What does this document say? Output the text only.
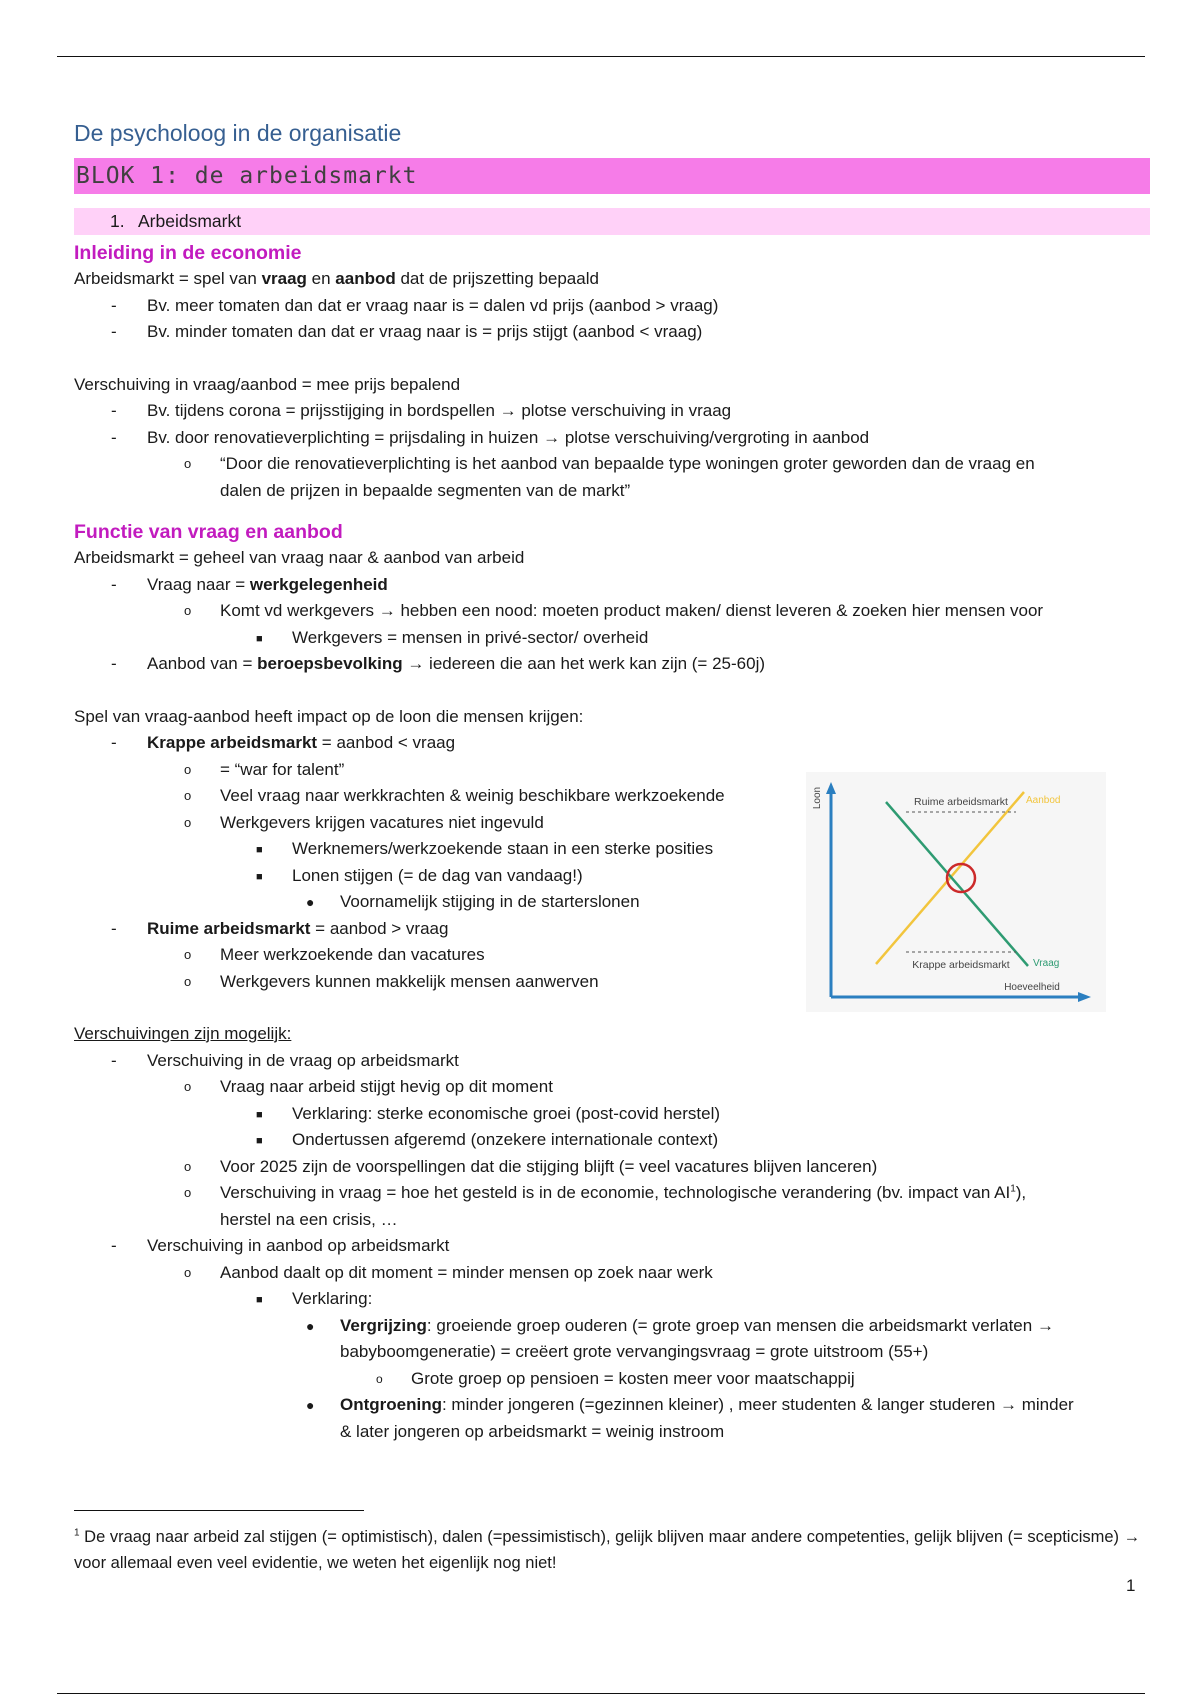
De psycholoog in de organisatie
BLOK 1: de arbeidsmarkt
1. Arbeidsmarkt
Inleiding in de economie
Arbeidsmarkt = spel van vraag en aanbod dat de prijszetting bepaald
- Bv. meer tomaten dan dat er vraag naar is = dalen vd prijs (aanbod > vraag)
- Bv. minder tomaten dan dat er vraag naar is = prijs stijgt (aanbod < vraag)
Verschuiving in vraag/aanbod = mee prijs bepalend
- Bv. tijdens corona = prijsstijging in bordspellen → plotse verschuiving in vraag
- Bv. door renovatieverplichting = prijsdaling in huizen → plotse verschuiving/vergroting in aanbod
o “Door die renovatieverplichting is het aanbod van bepaalde type woningen groter geworden dan de vraag en
dalen de prijzen in bepaalde segmenten van de markt”
Functie van vraag en aanbod
Arbeidsmarkt = geheel van vraag naar & aanbod van arbeid
- Vraag naar = werkgelegenheid
o Komt vd werkgevers → hebben een nood: moeten product maken/ dienst leveren & zoeken hier mensen voor
■ Werkgevers = mensen in privé-sector/ overheid
- Aanbod van = beroepsbevolking → iedereen die aan het werk kan zijn (= 25-60j)
Spel van vraag-aanbod heeft impact op de loon die mensen krijgen:
- Krappe arbeidsmarkt = aanbod < vraag
o = “war for talent”
o Veel vraag naar werkkrachten & weinig beschikbare werkzoekende
o Werkgevers krijgen vacatures niet ingevuld
■ Werknemers/werkzoekende staan in een sterke posities
■ Lonen stijgen (= de dag van vandaag!)
● Voornamelijk stijging in de starterslonen
- Ruime arbeidsmarkt = aanbod > vraag
o Meer werkzoekende dan vacatures
o Werkgevers kunnen makkelijk mensen aanwerven
Verschuivingen zijn mogelijk:
- Verschuiving in de vraag op arbeidsmarkt
o Vraag naar arbeid stijgt hevig op dit moment
■ Verklaring: sterke economische groei (post-covid herstel)
■ Ondertussen afgeremd (onzekere internationale context)
o Voor 2025 zijn de voorspellingen dat die stijging blijft (= veel vacatures blijven lanceren)
o Verschuiving in vraag = hoe het gesteld is in de economie, technologische verandering (bv. impact van $AI^1$),
herstel na een crisis, …
- Verschuiving in aanbod op arbeidsmarkt
o Aanbod daalt op dit moment = minder mensen op zoek naar werk
■ Verklaring:
● Vergrijzing: groeiende groep ouderen (= grote groep van mensen die arbeidsmarkt verlaten →
babyboomgeneratie) = creëert grote vervangingsvraag = grote uitstroom (55+)
o Grote groep op pensioen = kosten meer voor maatschappij
● Ontgroening: minder jongeren (=gezinnen kleiner) , meer studenten & langer studeren → minder
& later jongeren op arbeidsmarkt = weinig instroom
Ruime arbeidsmarkt
Krappe arbeidsmarkt
Aanbod
Vraag
Hoeveelheid
Loon
$^1$ De vraag naar arbeid zal stijgen (= optimistisch), dalen (=pessimistisch), gelijk blijven maar andere competenties, gelijk blijven (= scepticisme) → voor allemaal even veel evidentie, we weten het eigenlijk nog niet!
1
